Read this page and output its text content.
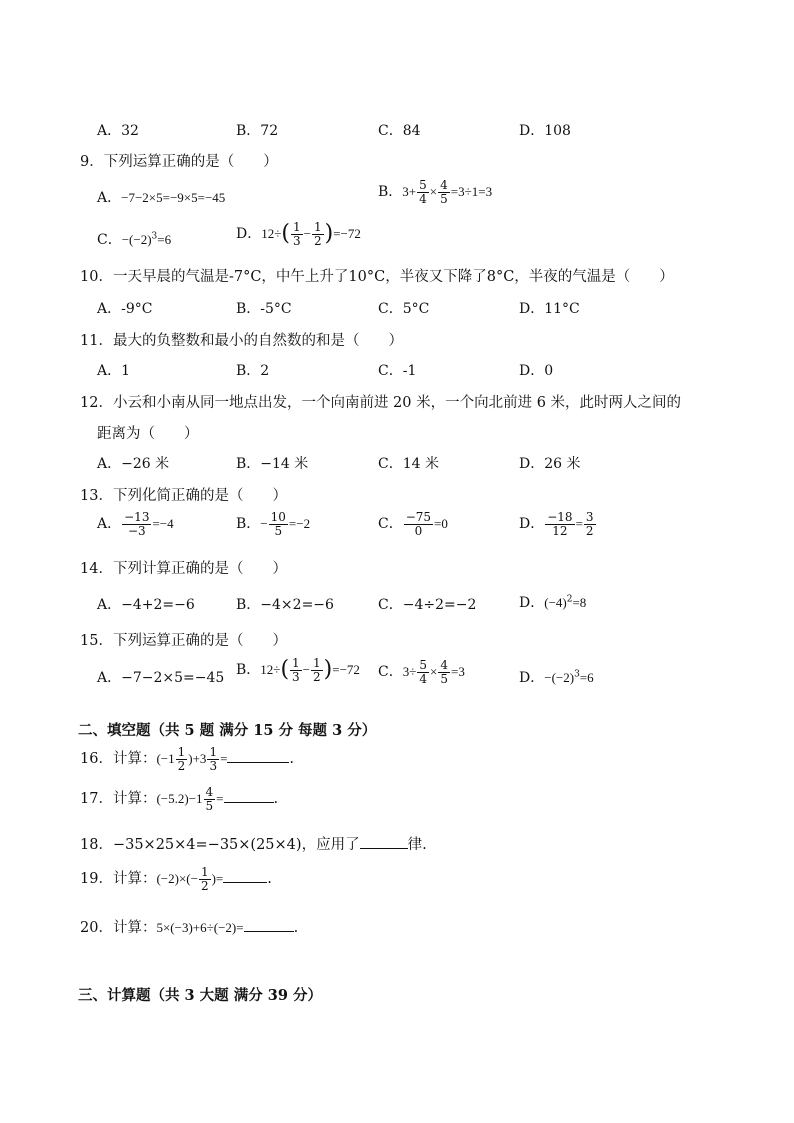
A．32	B．72	C．84	D．108
9．下列运算正确的是（　　）
A．−7−2×5=−9×5=−45	B．$3+ \frac{5}{4} \times \frac{4}{5} =3\div 1=3$
C．$-(-2)^3=6$	D．$12\div( \frac{1}{3} - \frac{1}{2} )=-72$
10．一天早晨的气温是-7°C，中午上升了10°C，半夜又下降了8°C，半夜的气温是（　　）
A．-9°C	B．-5°C	C．5°C	D．11°C
11．最大的负整数和最小的自然数的和是（　　）
A．1	B．2	C．-1	D．0
12．小云和小南从同一地点出发，一个向南前进 20 米，一个向北前进 6 米，此时两人之间的
距离为（　　）
A．−26 米	B．−14 米	C．14 米	D．26 米
13．下列化简正确的是（　　）
A． $\frac{-13}{-3} =-4$	B．− $\frac{10}{5} =-2$	C． $\frac{-75}{0} =0$	D． $\frac{-18}{12} = \frac{3}{2}$
14．下列计算正确的是（　　）
A．−4+2=−6	B．−4×2=−6	C．−4÷2=−2	D．$(-4)^2=8$
15．下列运算正确的是（　　）
A．−7−2×5=−45 B．$12\div( \frac{1}{3} - \frac{1}{2} )=-72$ C．$3\div \frac{5}{4} \times \frac{4}{5} =3$	D．$-(-2)^3=6$
二、填空题（共 5 题 满分 15 分 每题 3 分）
16．计算：$(-1 \frac{1}{2} )+3 \frac{1}{3}$ =	.
17．计算：$(-5.2)-1 \frac{4}{5}$ =	.
18．−35×25×4=−35×(25×4)，应用了	律.
19．计算：$(-2)\times(- \frac{1}{2}$ )=	.
20．计算：5×(−3)+6÷(−2)=	.
三、计算题（共 3 大题 满分 39 分）
